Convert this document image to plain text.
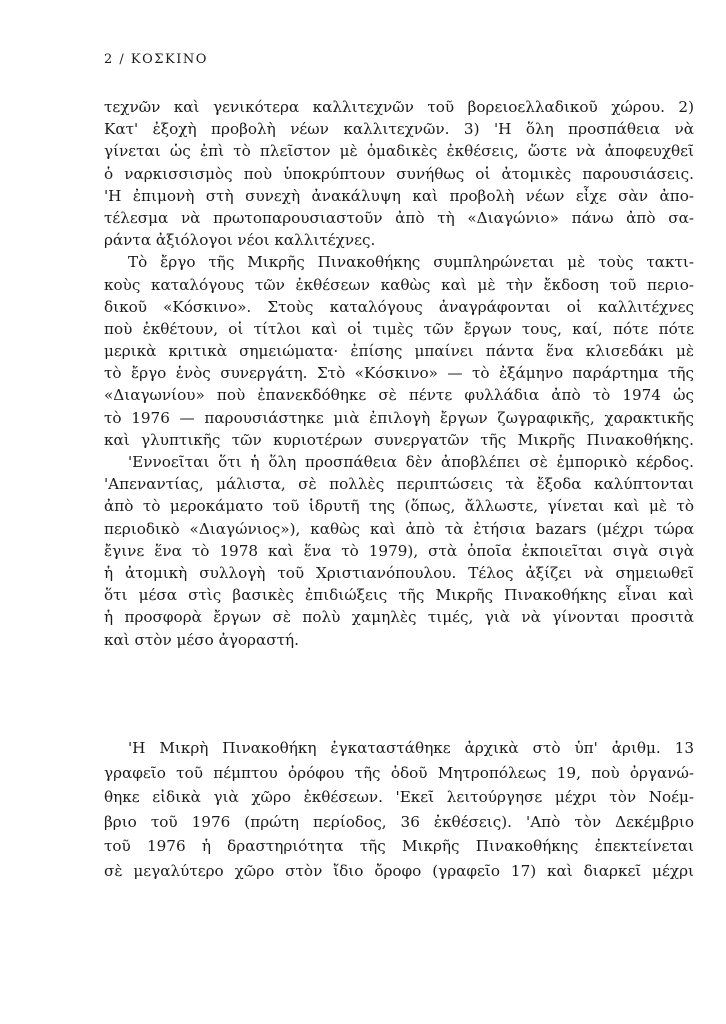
2 / ΚΟΣΚΙΝΟ
τεχνῶν καὶ γενικότερα καλλιτεχνῶν τοῦ βορειοελλαδικοῦ χώρου. 2)
Κατ' ἐξοχὴ προβολὴ νέων καλλιτεχνῶν. 3) 'Η ὅλη προσπάθεια νὰ
γίνεται ὡς ἐπὶ τὸ πλεῖστον μὲ ὁμαδικὲς ἐκθέσεις, ὥστε νὰ ἀποφευχθεῖ
ὁ ναρκισσισμὸς ποὺ ὑποκρύπτουν συνήθως οἱ ἀτομικὲς παρουσιάσεις.
'Η ἐπιμονὴ στὴ συνεχὴ ἀνακάλυψη καὶ προβολὴ νέων εἶχε σὰν ἀπο-
τέλεσμα νὰ πρωτοπαρουσιαστοῦν ἀπὸ τὴ «Διαγώνιο» πάνω ἀπὸ σα-
ράντα ἀξιόλογοι νέοι καλλιτέχνες.
Τὸ ἔργο τῆς Μικρῆς Πινακοθήκης συμπληρώνεται μὲ τοὺς τακτι-
κοὺς καταλόγους τῶν ἐκθέσεων καθὼς καὶ μὲ τὴν ἔκδοση τοῦ περιο-
δικοῦ «Κόσκινο». Στοὺς καταλόγους ἀναγράφονται οἱ καλλιτέχνες
ποὺ ἐκθέτουν, οἱ τίτλοι καὶ οἱ τιμὲς τῶν ἔργων τους, καί, πότε πότε
μερικὰ κριτικὰ σημειώματα· ἐπίσης μπαίνει πάντα ἕνα κλισεδάκι μὲ
τὸ ἔργο ἑνὸς συνεργάτη. Στὸ «Κόσκινο» — τὸ ἐξάμηνο παράρτημα τῆς
«Διαγωνίου» ποὺ ἐπανεκδόθηκε σὲ πέντε φυλλάδια ἀπὸ τὸ 1974 ὡς
τὸ 1976 — παρουσιάστηκε μιὰ ἐπιλογὴ ἔργων ζωγραφικῆς, χαρακτικῆς
καὶ γλυπτικῆς τῶν κυριοτέρων συνεργατῶν τῆς Μικρῆς Πινακοθήκης.
'Εννοεῖται ὅτι ἡ ὅλη προσπάθεια δὲν ἀποβλέπει σὲ ἐμπορικὸ κέρδος.
'Απεναντίας, μάλιστα, σὲ πολλὲς περιπτώσεις τὰ ἔξοδα καλύπτονται
ἀπὸ τὸ μεροκάματο τοῦ ἱδρυτῆ της (ὅπως, ἄλλωστε, γίνεται καὶ μὲ τὸ
περιοδικὸ «Διαγώνιος»), καθὼς καὶ ἀπὸ τὰ ἐτήσια bazars (μέχρι τώρα
ἔγινε ἕνα τὸ 1978 καὶ ἕνα τὸ 1979), στὰ ὁποῖα ἐκποιεῖται σιγὰ σιγὰ
ἡ ἀτομικὴ συλλογὴ τοῦ Χριστιανόπουλου. Τέλος ἀξίζει νὰ σημειωθεῖ
ὅτι μέσα στὶς βασικὲς ἐπιδιώξεις τῆς Μικρῆς Πινακοθήκης εἶναι καὶ
ἡ προσφορὰ ἔργων σὲ πολὺ χαμηλὲς τιμές, γιὰ νὰ γίνονται προσιτὰ
καὶ στὸν μέσο ἀγοραστή.
'Η Μικρὴ Πινακοθήκη ἐγκαταστάθηκε ἀρχικὰ στὸ ὑπ' ἀριθμ. 13
γραφεῖο τοῦ πέμπτου ὀρόφου τῆς ὁδοῦ Μητροπόλεως 19, ποὺ ὀργανώ-
θηκε εἰδικὰ γιὰ χῶρο ἐκθέσεων. 'Εκεῖ λειτούργησε μέχρι τὸν Νοέμ-
βριο τοῦ 1976 (πρώτη περίοδος, 36 ἐκθέσεις). 'Απὸ τὸν Δεκέμβριο
τοῦ 1976 ἡ δραστηριότητα τῆς Μικρῆς Πινακοθήκης ἐπεκτείνεται
σὲ μεγαλύτερο χῶρο στὸν ἴδιο ὄροφο (γραφεῖο 17) καὶ διαρκεῖ μέχρι
